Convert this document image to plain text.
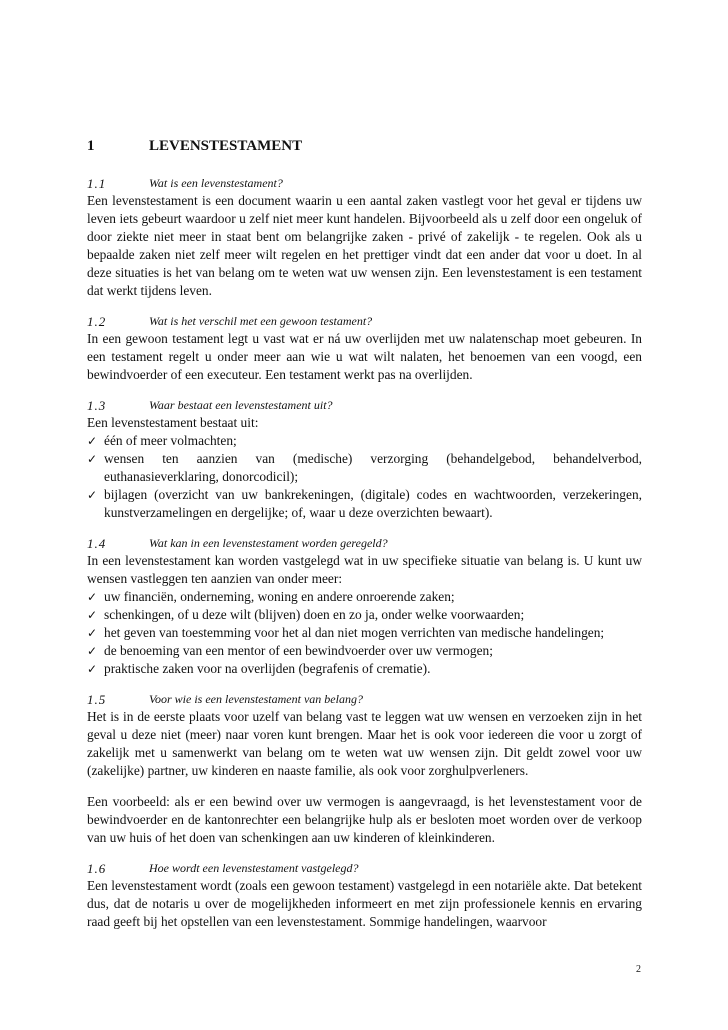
1	LEVENSTESTAMENT
1.1	Wat is een levenstestament?

Een levenstestament is een document waarin u een aantal zaken vastlegt voor het geval er tijdens uw leven iets gebeurt waardoor u zelf niet meer kunt handelen. Bijvoorbeeld als u zelf door een ongeluk of door ziekte niet meer in staat bent om belangrijke zaken - privé of zakelijk - te regelen. Ook als u bepaalde zaken niet zelf meer wilt regelen en het prettiger vindt dat een ander dat voor u doet. In al deze situaties is het van belang om te weten wat uw wensen zijn. Een levenstestament is een testament dat werkt tijdens leven.

1.2	Wat is het verschil met een gewoon testament?

In een gewoon testament legt u vast wat er ná uw overlijden met uw nalatenschap moet gebeuren. In een testament regelt u onder meer aan wie u wat wilt nalaten, het benoemen van een voogd, een bewindvoerder of een executeur. Een testament werkt pas na overlijden.

1.3	Waar bestaat een levenstestament uit?

Een levenstestament bestaat uit:

✓ één of meer volmachten;
✓ wensen ten aanzien van (medische) verzorging (behandelgebod, behandelverbod, euthanasieverklaring, donorcodicil);
✓ bijlagen (overzicht van uw bankrekeningen, (digitale) codes en wachtwoorden, verzekeringen, kunstverzamelingen en dergelijke; of, waar u deze overzichten bewaart).
1.4	Wat kan in een levenstestament worden geregeld?

In een levenstestament kan worden vastgelegd wat in uw specifieke situatie van belang is. U kunt uw wensen vastleggen ten aanzien van onder meer:

✓ uw financiën, onderneming, woning en andere onroerende zaken;
✓ schenkingen, of u deze wilt (blijven) doen en zo ja, onder welke voorwaarden;
✓ het geven van toestemming voor het al dan niet mogen verrichten van medische handelingen;
✓ de benoeming van een mentor of een bewindvoerder over uw vermogen;
✓ praktische zaken voor na overlijden (begrafenis of crematie).
1.5	Voor wie is een levenstestament van belang?

Het is in de eerste plaats voor uzelf van belang vast te leggen wat uw wensen en verzoeken zijn in het geval u deze niet (meer) naar voren kunt brengen. Maar het is ook voor iedereen die voor u zorgt of zakelijk met u samenwerkt van belang om te weten wat uw wensen zijn. Dit geldt zowel voor uw (zakelijke) partner, uw kinderen en naaste familie, als ook voor zorghulpverleners.

Een voorbeeld: als er een bewind over uw vermogen is aangevraagd, is het levenstestament voor de bewindvoerder en de kantonrechter een belangrijke hulp als er besloten moet worden over de verkoop van uw huis of het doen van schenkingen aan uw kinderen of kleinkinderen.

1.6	Hoe wordt een levenstestament vastgelegd?

Een levenstestament wordt (zoals een gewoon testament) vastgelegd in een notariële akte. Dat betekent dus, dat de notaris u over de mogelijkheden informeert en met zijn professionele kennis en ervaring raad geeft bij het opstellen van een levenstestament. Sommige handelingen, waarvoor

2
